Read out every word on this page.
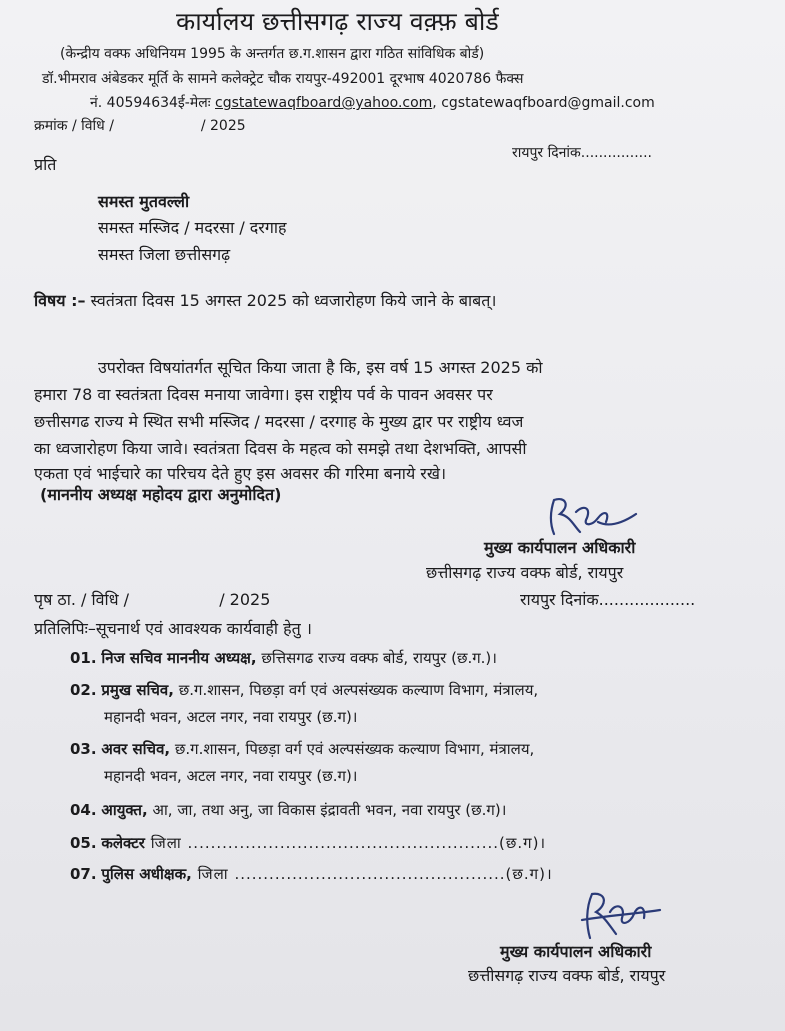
कार्यालय छत्तीसगढ़ राज्य वक़्फ़ बोर्ड
(केन्द्रीय वक्फ अधिनियम 1995 के अन्तर्गत छ.ग.शासन द्वारा गठित सांविधिक बोर्ड)
डॉ.भीमराव अंबेडकर मूर्ति के सामने कलेक्ट्रेट चौक रायपुर-492001 दूरभाष 4020786 फैक्स
नं. 40594634ई-मेलः cgstatewaqfboard@yahoo.com, cgstatewaqfboard@gmail.com
क्रमांक / विधि /	/ 2025
रायपुर दिनांक................
प्रति
समस्त मुतवल्ली
समस्त मस्जिद / मदरसा / दरगाह
समस्त जिला छत्तीसगढ़
विषय :– स्वतंत्रता दिवस 15 अगस्त 2025 को ध्वजारोहण किये जाने के बाबत्।
उपरोक्त विषयांतर्गत सूचित किया जाता है कि, इस वर्ष 15 अगस्त 2025 को
हमारा 78 वा स्वतंत्रता दिवस मनाया जावेगा। इस राष्ट्रीय पर्व के पावन अवसर पर
छत्तीसगढ राज्य मे स्थित सभी मस्जिद / मदरसा / दरगाह के मुख्य द्वार पर राष्ट्रीय ध्वज
का ध्वजारोहण किया जावे। स्वतंत्रता दिवस के महत्व को समझे तथा देशभक्ति, आपसी
एकता एवं भाईचारे का परिचय देते हुए इस अवसर की गरिमा बनाये रखे।
(माननीय अध्यक्ष महोदय द्वारा अनुमोदित)
मुख्य कार्यपालन अधिकारी
छत्तीसगढ़ राज्य वक्फ बोर्ड, रायपुर
पृष ठा. / विधि /	/ 2025	रायपुर दिनांक...................
प्रतिलिपिः–सूचनार्थ एवं आवश्यक कार्यवाही हेतु ।
01. निज सचिव माननीय अध्यक्ष, छत्तिसगढ राज्य वक्फ बोर्ड, रायपुर (छ.ग.)।
02. प्रमुख सचिव, छ.ग.शासन, पिछड़ा वर्ग एवं अल्पसंख्यक कल्याण विभाग, मंत्रालय,
महानदी भवन, अटल नगर, नवा रायपुर (छ.ग)।
03. अवर सचिव, छ.ग.शासन, पिछड़ा वर्ग एवं अल्पसंख्यक कल्याण विभाग, मंत्रालय,
महानदी भवन, अटल नगर, नवा रायपुर (छ.ग)।
04. आयुक्त, आ, जा, तथा अनु, जा विकास इंद्रावती भवन, नवा रायपुर (छ.ग)।
05. कलेक्टर जिला ......................................................(छ.ग)।
07. पुलिस अधीक्षक, जिला ...............................................(छ.ग)।
मुख्य कार्यपालन अधिकारी
छत्तीसगढ़ राज्य वक्फ बोर्ड, रायपुर
